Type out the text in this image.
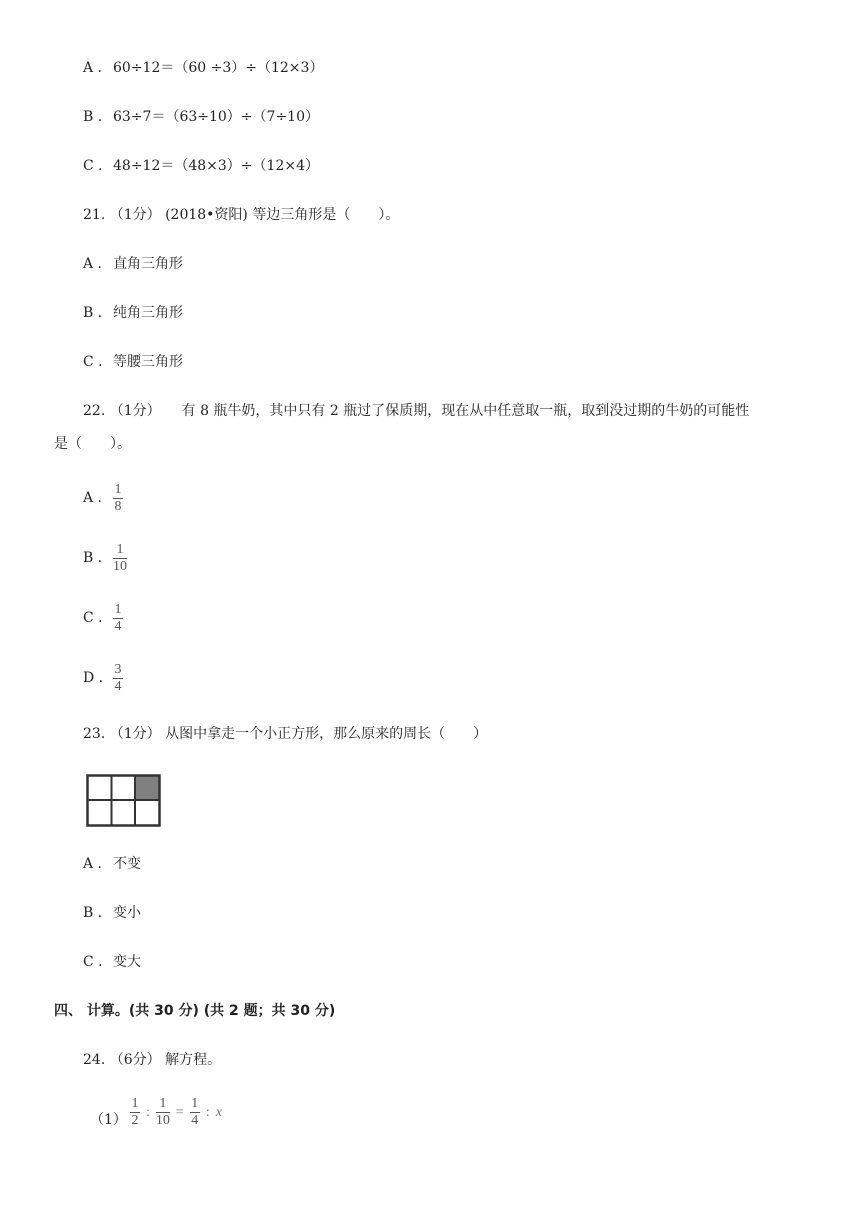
A ．60÷12＝（60 ÷3）÷（12×3）
B ．63÷7＝（63÷10）÷（7÷10）
C ．48÷12＝（48×3）÷（12×4）
21. （1分） (2018•资阳) 等边三角形是（　　）。
A ．直角三角形
B ．纯角三角形
C ．等腰三角形
22. （1分）　　有 8 瓶牛奶，其中只有 2 瓶过了保质期，现在从中任意取一瓶，取到没过期的牛奶的可能性
是（　　）。
A ． $\frac{1}{8}$
B ． $\frac{1}{10}$
C ． $\frac{1}{4}$
D ． $\frac{3}{4}$
23. （1分） 从图中拿走一个小正方形，那么原来的周长（　　）
A ．不变
B ．变小
C ．变大
四、 计算。(共 30 分) (共 2 题；共 30 分)
24. （6分） 解方程。
$(1) \frac{1}{2}$ : $\frac{1}{10} = \frac{1}{4}$ : x
